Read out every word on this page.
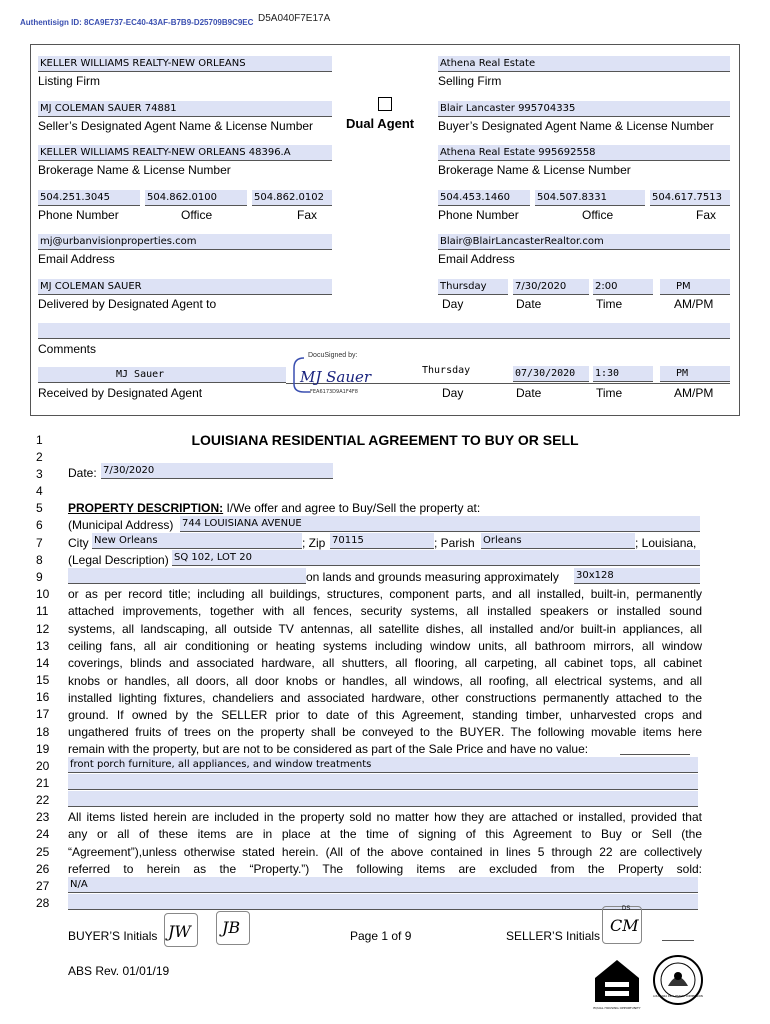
Authentisign ID: 8CA9E737-EC40-43AF-B7B9-D25709B9C9EC D5A040F7E17A
KELLER WILLIAMS REALTY-NEW ORLEANS
Listing Firm
MJ COLEMAN SAUER 74881
Seller’s Designated Agent Name & License Number
KELLER WILLIAMS REALTY-NEW ORLEANS 48396.A
Brokerage Name & License Number
504.251.3045	504.862.0100	504.862.0102
Phone Number	Office	Fax
mj@urbanvisionproperties.com
Email Address
MJ COLEMAN SAUER
Delivered by Designated Agent to
Comments
MJ Sauer
Received by Designated Agent
Dual Agent
Athena Real Estate
Selling Firm
Blair Lancaster 995704335
Buyer’s Designated Agent Name & License Number
Athena Real Estate 995692558
Brokerage Name & License Number
504.453.1460	504.507.8331	504.617.7513
Phone Number	Office	Fax
Blair@BlairLancasterRealtor.com
Email Address
Thursday	7/30/2020	2:00	PM
Day	Date	Time	AM/PM
Thursday	07/30/2020	1:30	PM
Day	Date	Time	AM/PM
DocuSigned by:
MJ Sauer
FEA6173D9A1F4F8
LOUISIANA RESIDENTIAL AGREEMENT TO BUY OR SELL
1
2
3
4
5
6
7
8
9
10
11
12
13
14
15
16
17
18
19
20
21
22
23
24
25
26
27
28
Date: 7/30/2020
PROPERTY DESCRIPTION: I/We offer and agree to Buy/Sell the property at:
(Municipal Address) 744 LOUISIANA AVENUE
City New Orleans	; Zip 70115	; Parish Orleans	; Louisiana,
(Legal Description) SQ 102, LOT 20
on lands and grounds measuring approximately 30x128
or as per record title; including all buildings, structures, component parts, and all installed, built-in, permanently
attached improvements, together with all fences, security systems, all installed speakers or installed sound
systems, all landscaping, all outside TV antennas, all satellite dishes, all installed and/or built-in appliances, all
ceiling fans, all air conditioning or heating systems including window units, all bathroom mirrors, all window
coverings, blinds and associated hardware, all shutters, all flooring, all carpeting, all cabinet tops, all cabinet
knobs or handles, all doors, all door knobs or handles, all windows, all roofing, all electrical systems, and all
installed lighting fixtures, chandeliers and associated hardware, other constructions permanently attached to the
ground. If owned by the SELLER prior to date of this Agreement, standing timber, unharvested crops and
ungathered fruits of trees on the property shall be conveyed to the BUYER. The following movable items here
remain with the property, but are not to be considered as part of the Sale Price and have no value:
front porch furniture, all appliances, and window treatments
All items listed herein are included in the property sold no matter how they are attached or installed, provided that
any or all of these items are in place at the time of signing of this Agreement to Buy or Sell (the
“Agreement”),unless otherwise stated herein. (All of the above contained in lines 5 through 22 are collectively
referred to herein as the “Property.”) The following items are excluded from the Property sold:
N/A
BUYER’S Initials JW JB	Page 1 of 9	SELLER’S Initials
CM
DS
ABS Rev. 01/01/19
EQUAL HOUSING OPPORTUNITY
LOUISIANA REAL ESTATE COMMISSION
